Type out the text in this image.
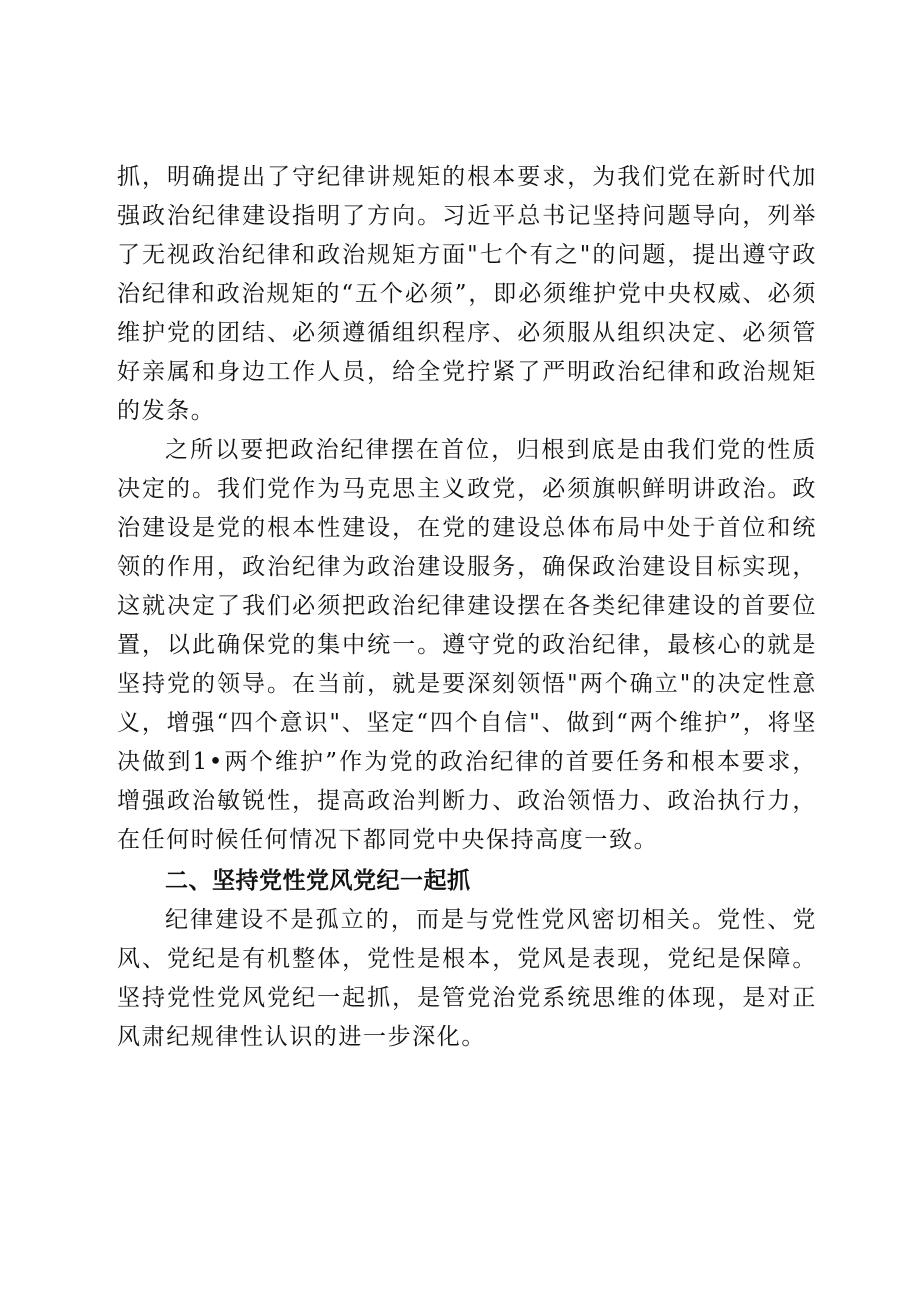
抓，明确提出了守纪律讲规矩的根本要求，为我们党在新时代加强政治纪律建设指明了方向。习近平总书记坚持问题导向，列举了无视政治纪律和政治规矩方面"七个有之"的问题，提出遵守政治纪律和政治规矩的“五个必须”，即必须维护党中央权威、必须维护党的团结、必须遵循组织程序、必须服从组织决定、必须管好亲属和身边工作人员，给全党拧紧了严明政治纪律和政治规矩的发条。

之所以要把政治纪律摆在首位，归根到底是由我们党的性质决定的。我们党作为马克思主义政党，必须旗帜鲜明讲政治。政治建设是党的根本性建设，在党的建设总体布局中处于首位和统领的作用，政治纪律为政治建设服务，确保政治建设目标实现，这就决定了我们必须把政治纪律建设摆在各类纪律建设的首要位置，以此确保党的集中统一。遵守党的政治纪律，最核心的就是坚持党的领导。在当前，就是要深刻领悟"两个确立"的决定性意义，增强“四个意识"、坚定“四个自信"、做到“两个维护”，将坚决做到1•两个维护”作为党的政治纪律的首要任务和根本要求，增强政治敏锐性，提高政治判断力、政治领悟力、政治执行力，在任何时候任何情况下都同党中央保持高度一致。

二、坚持党性党风党纪一起抓

纪律建设不是孤立的，而是与党性党风密切相关。党性、党风、党纪是有机整体，党性是根本，党风是表现，党纪是保障。坚持党性党风党纪一起抓，是管党治党系统思维的体现，是对正风肃纪规律性认识的进一步深化。
